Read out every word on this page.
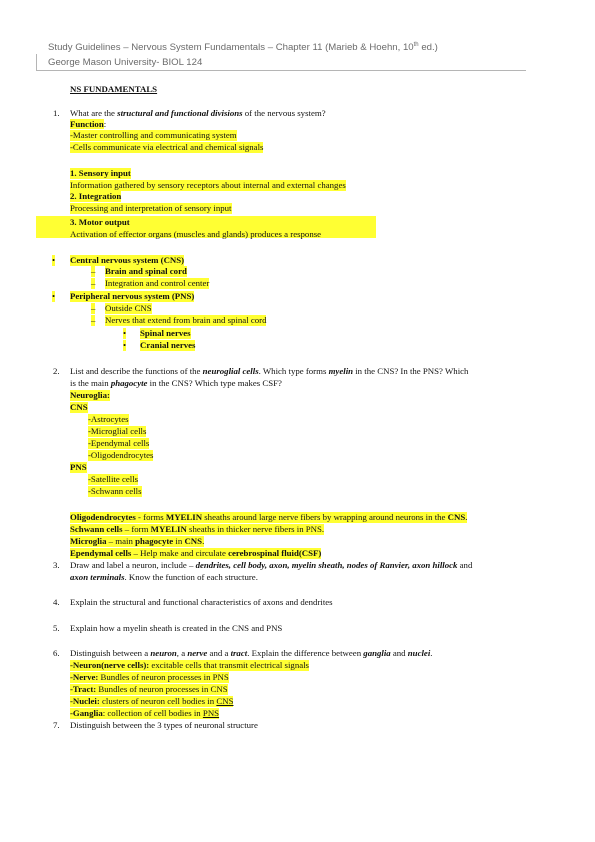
Study Guidelines – Nervous System Fundamentals – Chapter 11 (Marieb & Hoehn, 10th ed.)
George Mason University- BIOL 124
NS FUNDAMENTALS
1. What are the structural and functional divisions of the nervous system?
Function:
-Master controlling and communicating system
-Cells communicate via electrical and chemical signals
1. Sensory input
Information gathered by sensory receptors about internal and external changes
2. Integration
Processing and interpretation of sensory input
3. Motor output
Activation of effector organs (muscles and glands) produces a response
• Central nervous system (CNS)
– Brain and spinal cord
– Integration and control center
• Peripheral nervous system (PNS)
– Outside CNS
– Nerves that extend from brain and spinal cord
• Spinal nerves
• Cranial nerves
2. List and describe the functions of the neuroglial cells. Which type forms myelin in the CNS? In the PNS? Which
is the main phagocyte in the CNS? Which type makes CSF?
Neuroglia:
CNS
-Astrocytes
-Microglial cells
-Ependymal cells
-Oligodendrocytes
PNS
-Satellite cells
-Schwann cells
Oligodendrocytes - forms MYELIN sheaths around large nerve fibers by wrapping around neurons in the CNS.
Schwann cells – form MYELIN sheaths in thicker nerve fibers in PNS.
Microglia – main phagocyte in CNS.
Ependymal cells – Help make and circulate cerebrospinal fluid(CSF)
3. Draw and label a neuron, include – dendrites, cell body, axon, myelin sheath, nodes of Ranvier, axon hillock and
axon terminals. Know the function of each structure.
4. Explain the structural and functional characteristics of axons and dendrites
5. Explain how a myelin sheath is created in the CNS and PNS
6. Distinguish between a neuron, a nerve and a tract. Explain the difference between ganglia and nuclei.
-Neuron(nerve cells): excitable cells that transmit electrical signals
-Nerve: Bundles of neuron processes in PNS
-Tract: Bundles of neuron processes in CNS
-Nuclei: clusters of neuron cell bodies in CNS
-Ganglia: collection of cell bodies in PNS
7. Distinguish between the 3 types of neuronal structure
